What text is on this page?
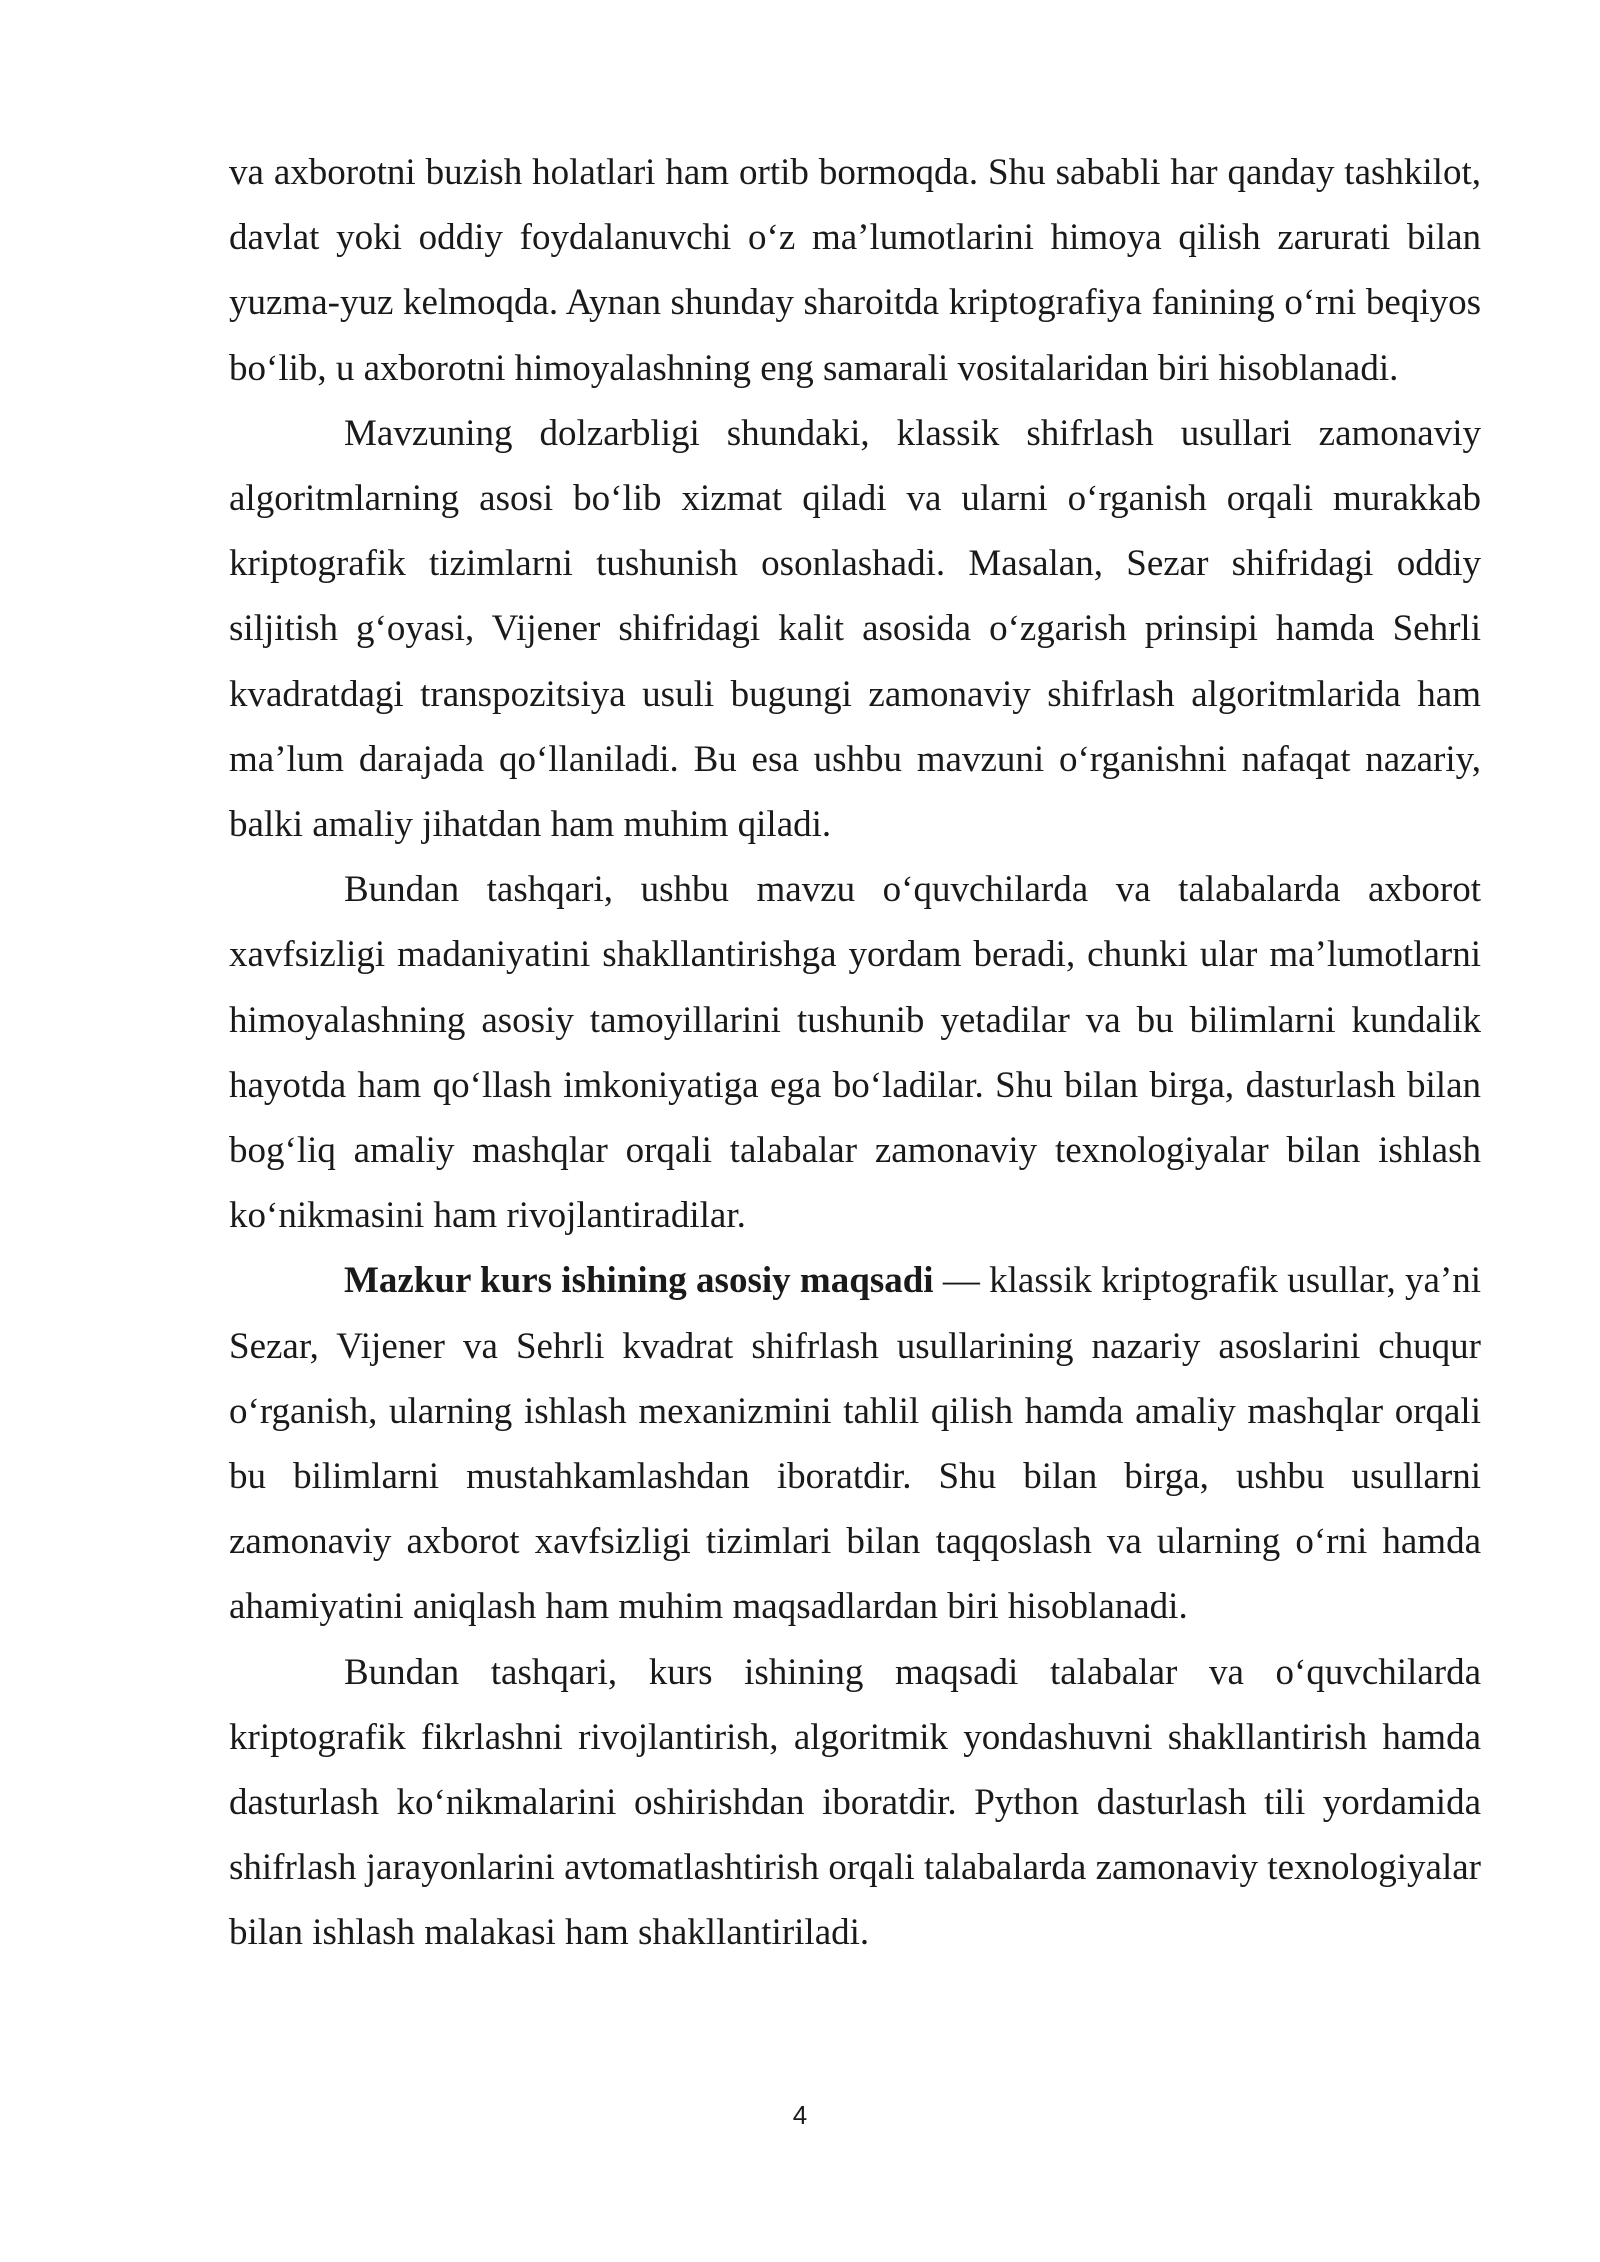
va axborotni buzish holatlari ham ortib bormoqda. Shu sababli har qanday tashkilot, davlat yoki oddiy foydalanuvchi o‘z ma’lumotlarini himoya qilish zarurati bilan yuzma-yuz kelmoqda. Aynan shunday sharoitda kriptografiya fanining o‘rni beqiyos bo‘lib, u axborotni himoyalashning eng samarali vositalaridan biri hisoblanadi.

Mavzuning dolzarbligi shundaki, klassik shifrlash usullari zamonaviy algoritmlarning asosi bo‘lib xizmat qiladi va ularni o‘rganish orqali murakkab kriptografik tizimlarni tushunish osonlashadi. Masalan, Sezar shifridagi oddiy siljitish g‘oyasi, Vijener shifridagi kalit asosida o‘zgarish prinsipi hamda Sehrli kvadratdagi transpozitsiya usuli bugungi zamonaviy shifrlash algoritmlarida ham ma’lum darajada qo‘llaniladi. Bu esa ushbu mavzuni o‘rganishni nafaqat nazariy, balki amaliy jihatdan ham muhim qiladi.

Bundan tashqari, ushbu mavzu o‘quvchilarda va talabalarda axborot xavfsizligi madaniyatini shakllantirishga yordam beradi, chunki ular ma’lumotlarni himoyalashning asosiy tamoyillarini tushunib yetadilar va bu bilimlarni kundalik hayotda ham qo‘llash imkoniyatiga ega bo‘ladilar. Shu bilan birga, dasturlash bilan bog‘liq amaliy mashqlar orqali talabalar zamonaviy texnologiyalar bilan ishlash ko‘nikmasini ham rivojlantiradilar.

Mazkur kurs ishining asosiy maqsadi — klassik kriptografik usullar, ya’ni Sezar, Vijener va Sehrli kvadrat shifrlash usullarining nazariy asoslarini chuqur o‘rganish, ularning ishlash mexanizmini tahlil qilish hamda amaliy mashqlar orqali bu bilimlarni mustahkamlashdan iboratdir. Shu bilan birga, ushbu usullarni zamonaviy axborot xavfsizligi tizimlari bilan taqqoslash va ularning o‘rni hamda ahamiyatini aniqlash ham muhim maqsadlardan biri hisoblanadi.

Bundan tashqari, kurs ishining maqsadi talabalar va o‘quvchilarda kriptografik fikrlashni rivojlantirish, algoritmik yondashuvni shakllantirish hamda dasturlash ko‘nikmalarini oshirishdan iboratdir. Python dasturlash tili yordamida shifrlash jarayonlarini avtomatlashtirish orqali talabalarda zamonaviy texnologiyalar bilan ishlash malakasi ham shakllantiriladi.

4
